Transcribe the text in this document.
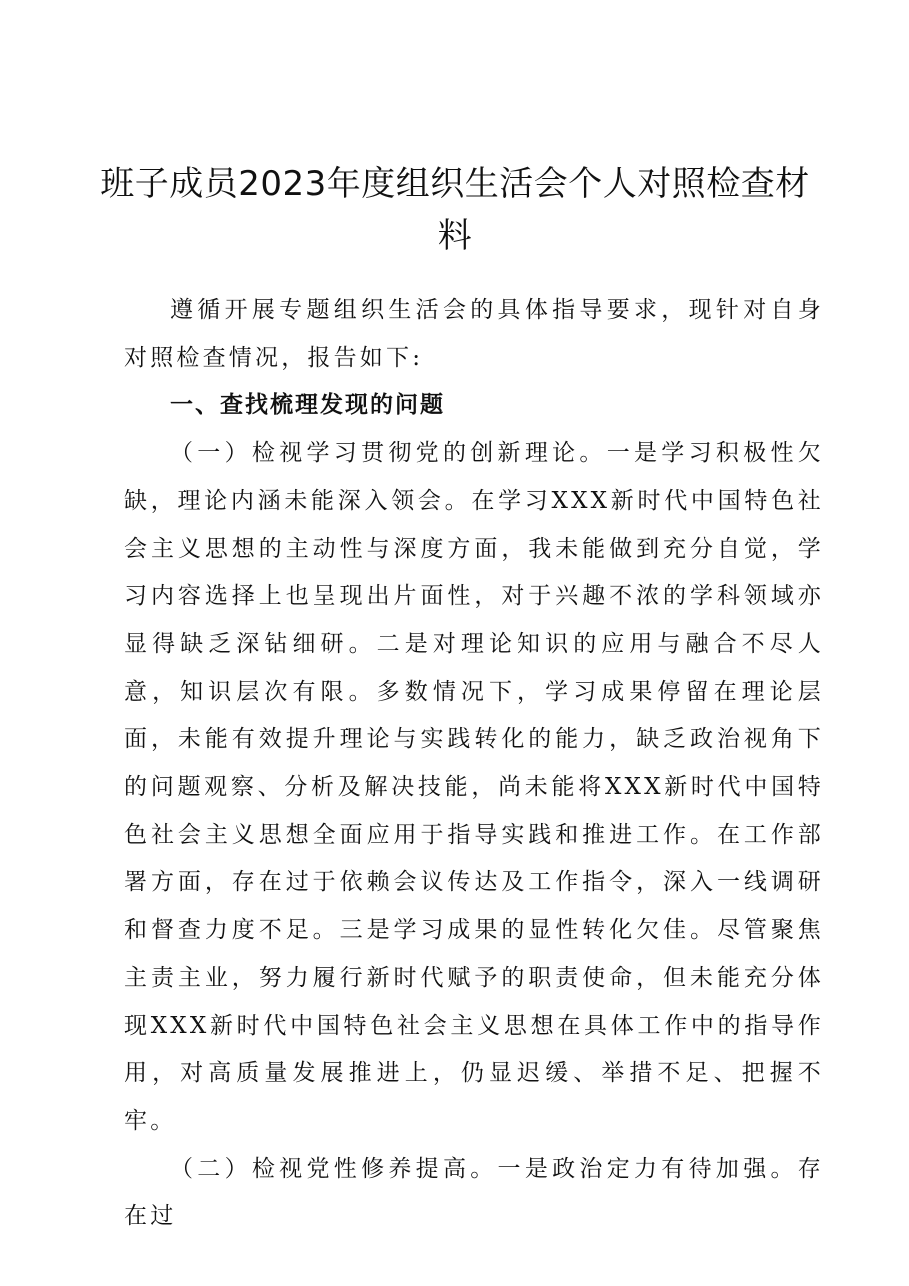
班子成员2023年度组织生活会个人对照检查材料

遵循开展专题组织生活会的具体指导要求，现针对自身对照检查情况，报告如下:

一、查找梳理发现的问题

（一）检视学习贯彻党的创新理论。一是学习积极性欠缺，理论内涵未能深入领会。在学习XXX新时代中国特色社会主义思想的主动性与深度方面，我未能做到充分自觉，学习内容选择上也呈现出片面性，对于兴趣不浓的学科领域亦显得缺乏深钻细研。二是对理论知识的应用与融合不尽人意，知识层次有限。多数情况下，学习成果停留在理论层面，未能有效提升理论与实践转化的能力，缺乏政治视角下的问题观察、分析及解决技能，尚未能将XXX新时代中国特色社会主义思想全面应用于指导实践和推进工作。在工作部署方面，存在过于依赖会议传达及工作指令，深入一线调研和督查力度不足。三是学习成果的显性转化欠佳。尽管聚焦主责主业，努力履行新时代赋予的职责使命，但未能充分体现XXX新时代中国特色社会主义思想在具体工作中的指导作用，对高质量发展推进上，仍显迟缓、举措不足、把握不牢。

（二）检视党性修养提高。一是政治定力有待加强。存在过
